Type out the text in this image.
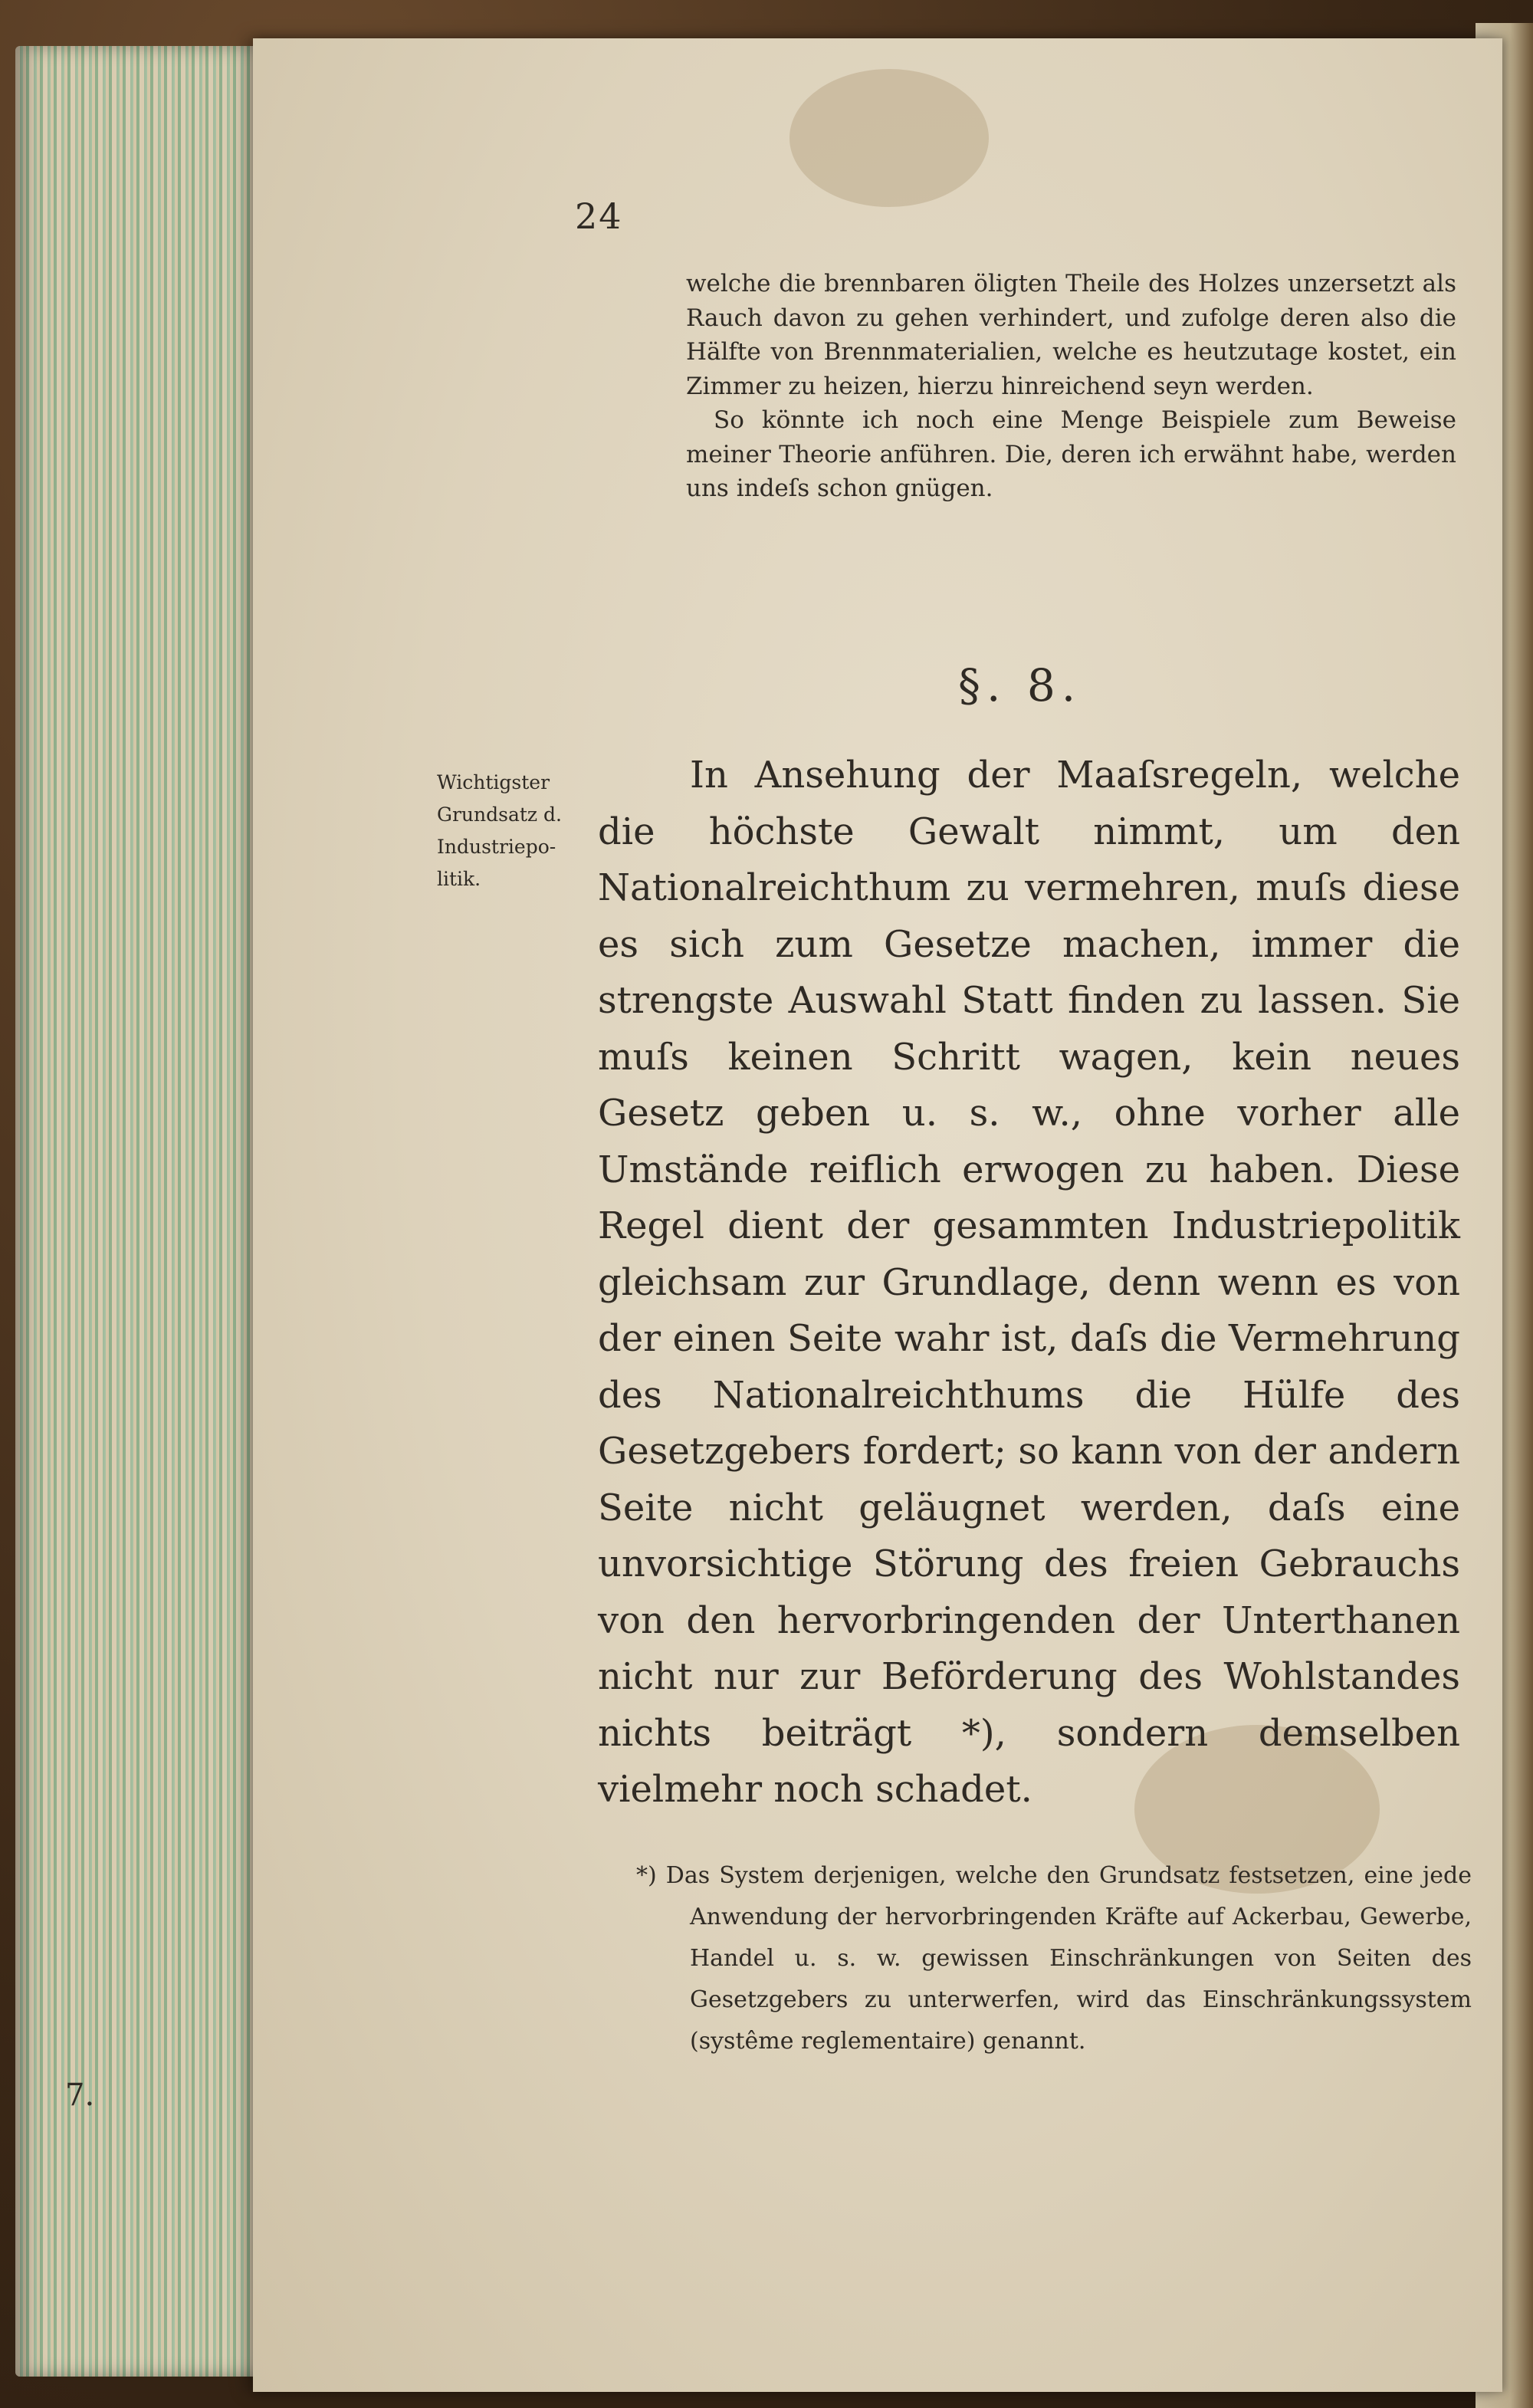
24

welche die brennbaren öligten Theile des Holzes unzersetzt als Rauch davon zu gehen verhindert, und zufolge deren also die Hälfte von Brennmaterialien, welche es heutzutage kostet, ein Zimmer zu heizen, hierzu hinreichend seyn werden.

So könnte ich noch eine Menge Beispiele zum Beweise meiner Theorie anführen. Die, deren ich erwähnt habe, werden uns indeſs schon gnügen.

§. 8.
Wichtigster
Grundsatz d.
Industriepo-
litik.

In Ansehung der Maaſsregeln, welche die höchste Gewalt nimmt, um den Nationalreichthum zu vermehren, muſs diese es sich zum Gesetze machen, immer die strengste Auswahl Statt finden zu lassen. Sie muſs keinen Schritt wagen, kein neues Gesetz geben u. s. w., ohne vorher alle Umstände reiflich erwogen zu haben. Diese Regel dient der gesammten Industriepolitik gleichsam zur Grundlage, denn wenn es von der einen Seite wahr ist, daſs die Vermehrung des Nationalreichthums die Hülfe des Gesetzgebers fordert; so kann von der andern Seite nicht geläugnet werden, daſs eine unvorsichtige Störung des freien Gebrauchs von den hervorbringenden der Unterthanen nicht nur zur Beförderung des Wohlstandes nichts beiträgt *), sondern demselben vielmehr noch schadet.

*) Das System derjenigen, welche den Grundsatz festsetzen, eine jede Anwendung der hervorbringenden Kräfte auf Ackerbau, Gewerbe, Handel u. s. w. gewissen Einschränkungen von Seiten des Gesetzgebers zu unterwerfen, wird das Einschränkungssystem (systême reglementaire) genannt.

7.
